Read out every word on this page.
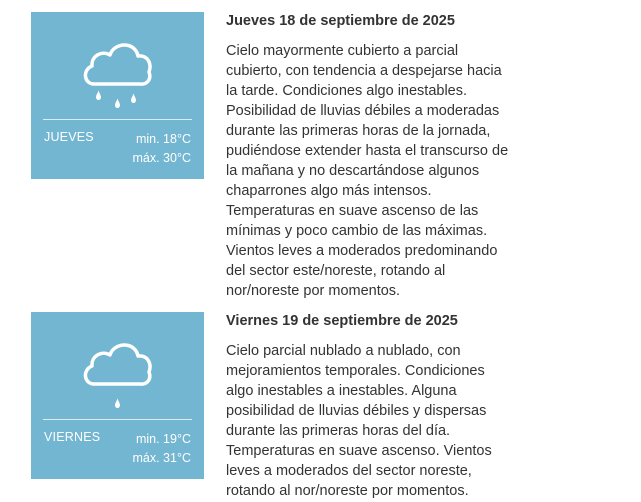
JUEVES	min. 18°C
máx. 30°C
Jueves 18 de septiembre de 2025

Cielo mayormente cubierto a parcial
cubierto, con tendencia a despejarse hacia
la tarde. Condiciones algo inestables.
Posibilidad de lluvias débiles a moderadas
durante las primeras horas de la jornada,
pudiéndose extender hasta el transcurso de
la mañana y no descartándose algunos
chaparrones algo más intensos.
Temperaturas en suave ascenso de las
mínimas y poco cambio de las máximas.
Vientos leves a moderados predominando
del sector este/noreste, rotando al
nor/noreste por momentos.

VIERNES	min. 19°C
máx. 31°C
Viernes 19 de septiembre de 2025

Cielo parcial nublado a nublado, con
mejoramientos temporales. Condiciones
algo inestables a inestables. Alguna
posibilidad de lluvias débiles y dispersas
durante las primeras horas del día.
Temperaturas en suave ascenso. Vientos
leves a moderados del sector noreste,
rotando al nor/noreste por momentos.
